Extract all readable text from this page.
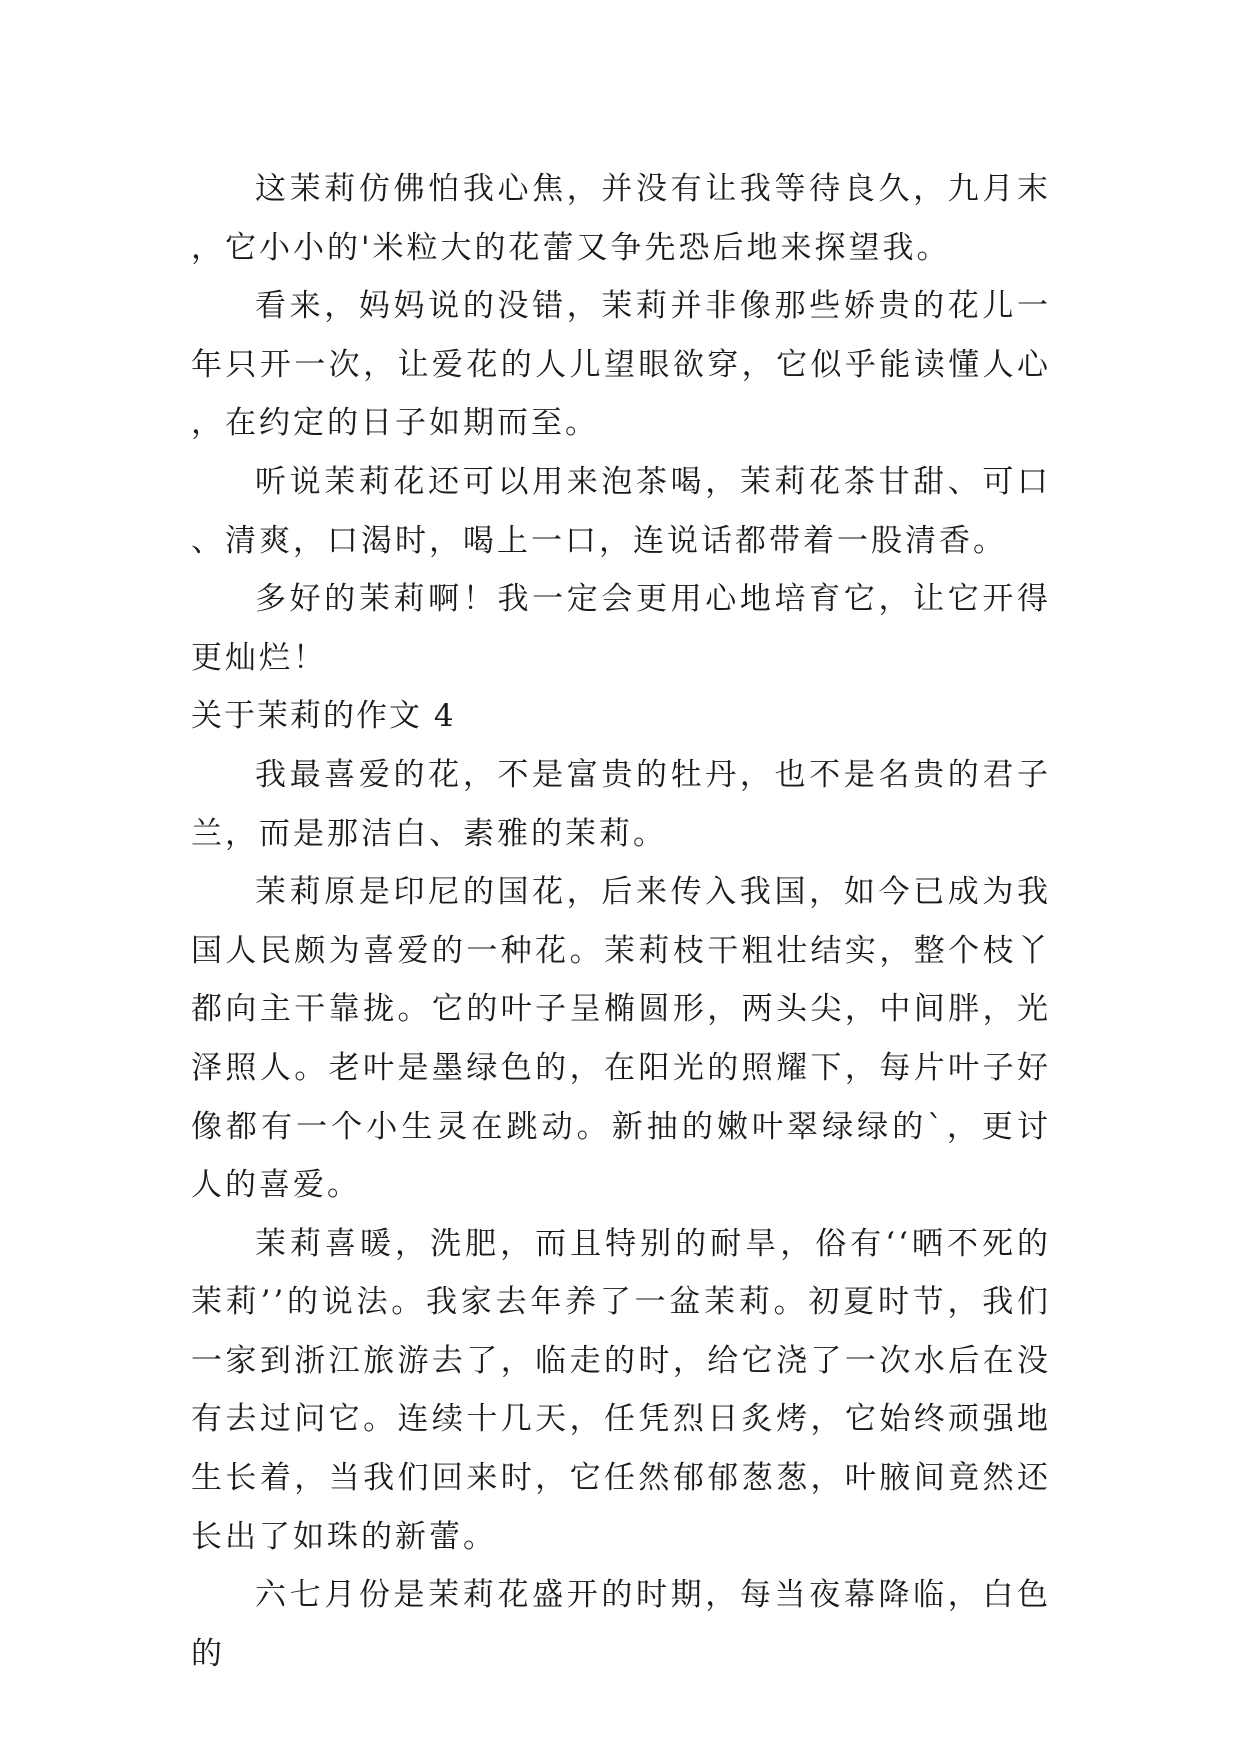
这茉莉仿佛怕我心焦，并没有让我等待良久，九月末，它小小的'米粒大的花蕾又争先恐后地来探望我。

看来，妈妈说的没错，茉莉并非像那些娇贵的花儿一年只开一次，让爱花的人儿望眼欲穿，它似乎能读懂人心，在约定的日子如期而至。

听说茉莉花还可以用来泡茶喝，茉莉花茶甘甜、可口、清爽，口渴时，喝上一口，连说话都带着一股清香。

多好的茉莉啊！我一定会更用心地培育它，让它开得更灿烂！

关于茉莉的作文 4

我最喜爱的花，不是富贵的牡丹，也不是名贵的君子兰，而是那洁白、素雅的茉莉。

茉莉原是印尼的国花，后来传入我国，如今已成为我国人民颇为喜爱的一种花。茉莉枝干粗壮结实，整个枝丫都向主干靠拢。它的叶子呈椭圆形，两头尖，中间胖，光泽照人。老叶是墨绿色的，在阳光的照耀下，每片叶子好像都有一个小生灵在跳动。新抽的嫩叶翠绿绿的`，更讨人的喜爱。

茉莉喜暖，洗肥，而且特别的耐旱，俗有‘‘晒不死的茉莉’’的说法。我家去年养了一盆茉莉。初夏时节，我们一家到浙江旅游去了，临走的时，给它浇了一次水后在没有去过问它。连续十几天，任凭烈日炙烤，它始终顽强地生长着，当我们回来时，它任然郁郁葱葱，叶腋间竟然还长出了如珠的新蕾。

六七月份是茉莉花盛开的时期，每当夜幕降临，白色的
